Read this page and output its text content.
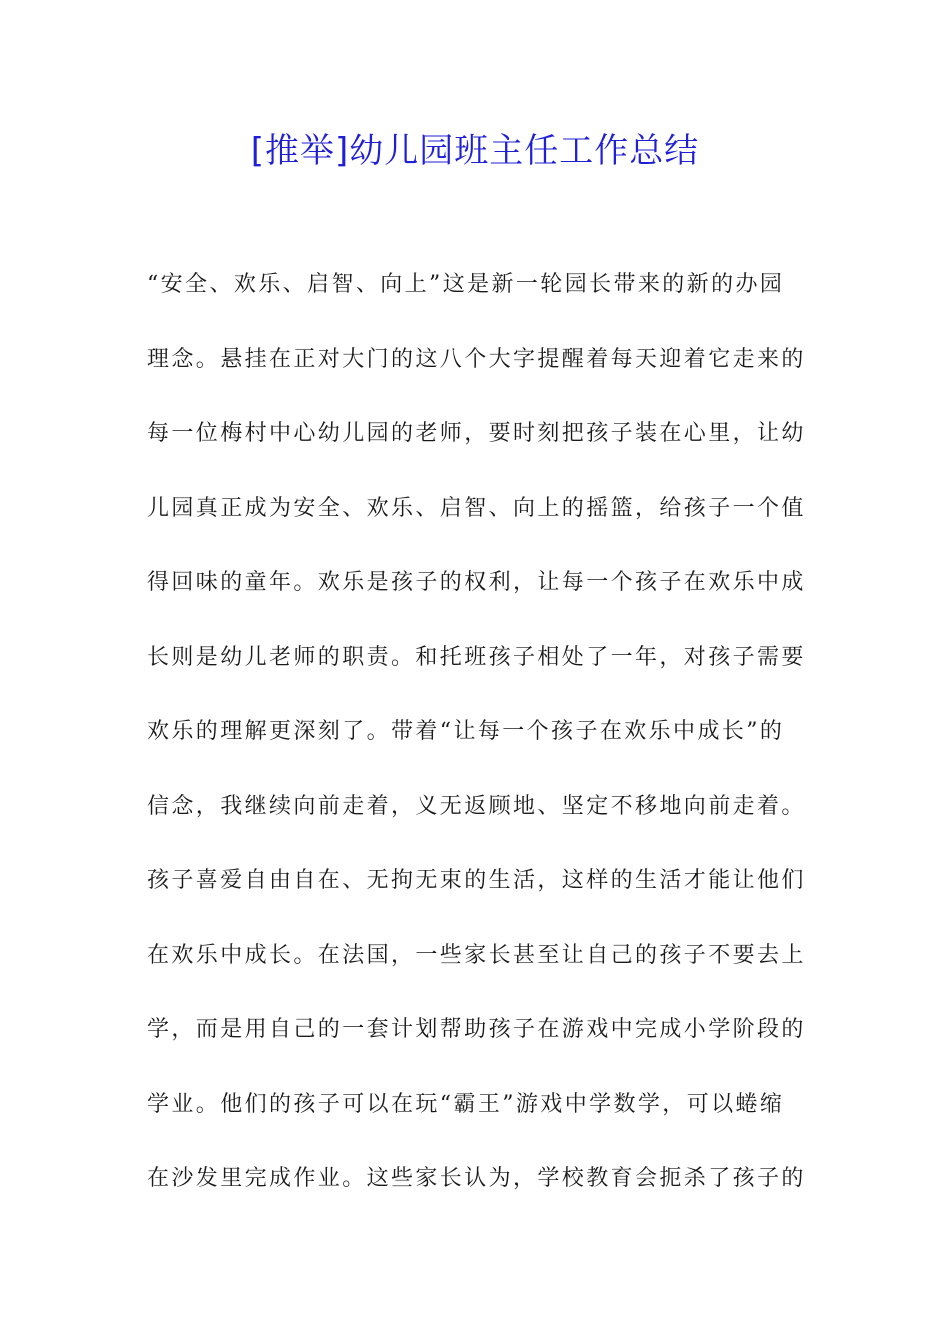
[推举]幼儿园班主任工作总结
“安全、欢乐、启智、向上”这是新一轮园长带来的新的办园
理念。悬挂在正对大门的这八个大字提醒着每天迎着它走来的
每一位梅村中心幼儿园的老师，要时刻把孩子装在心里，让幼
儿园真正成为安全、欢乐、启智、向上的摇篮，给孩子一个值
得回味的童年。欢乐是孩子的权利，让每一个孩子在欢乐中成
长则是幼儿老师的职责。和托班孩子相处了一年，对孩子需要
欢乐的理解更深刻了。带着“让每一个孩子在欢乐中成长”的
信念，我继续向前走着，义无返顾地、坚定不移地向前走着。
孩子喜爱自由自在、无拘无束的生活，这样的生活才能让他们
在欢乐中成长。在法国，一些家长甚至让自己的孩子不要去上
学，而是用自己的一套计划帮助孩子在游戏中完成小学阶段的
学业。他们的孩子可以在玩“霸王”游戏中学数学，可以蜷缩
在沙发里完成作业。这些家长认为，学校教育会扼杀了孩子的
